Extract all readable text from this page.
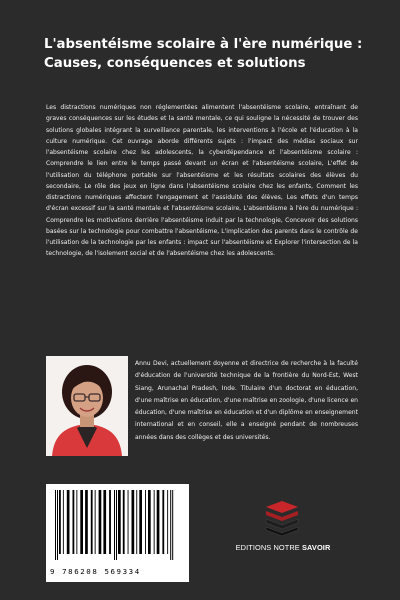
L'absentéisme scolaire à l'ère numérique : Causes, conséquences et solutions

Les distractions numériques non réglementées alimentent l'absentéisme scolaire, entraînant de graves conséquences sur les études et la santé mentale, ce qui souligne la nécessité de trouver des solutions globales intégrant la surveillance parentale, les interventions à l'école et l'éducation à la culture numérique. Cet ouvrage aborde différents sujets : l'impact des médias sociaux sur l'absentéisme scolaire chez les adolescents, la cyberdépendance et l'absentéisme scolaire : Comprendre le lien entre le temps passé devant un écran et l'absentéisme scolaire, L'effet de l'utilisation du téléphone portable sur l'absentéisme et les résultats scolaires des élèves du secondaire, Le rôle des jeux en ligne dans l'absentéisme scolaire chez les enfants, Comment les distractions numériques affectent l'engagement et l'assiduité des élèves, Les effets d'un temps d'écran excessif sur la santé mentale et l'absentéisme scolaire, L'absentéisme à l'ère du numérique : Comprendre les motivations derrière l'absentéisme induit par la technologie, Concevoir des solutions basées sur la technologie pour combattre l'absentéisme, L'implication des parents dans le contrôle de l'utilisation de la technologie par les enfants : impact sur l'absentéisme et Explorer l'intersection de la technologie, de l'isolement social et de l'absentéisme chez les adolescents.

Annu Devi, actuellement doyenne et directrice de recherche à la faculté d'éducation de l'université technique de la frontière du Nord-Est, West Siang, Arunachal Pradesh, Inde. Titulaire d'un doctorat en éducation, d'une maîtrise en éducation, d'une maîtrise en zoologie, d'une licence en éducation, d'une maîtrise en éducation et d'un diplôme en enseignement international et en conseil, elle a enseigné pendant de nombreuses années dans des collèges et des universités.

9 786208 569334
EDITIONS NOTRE SAVOIR
